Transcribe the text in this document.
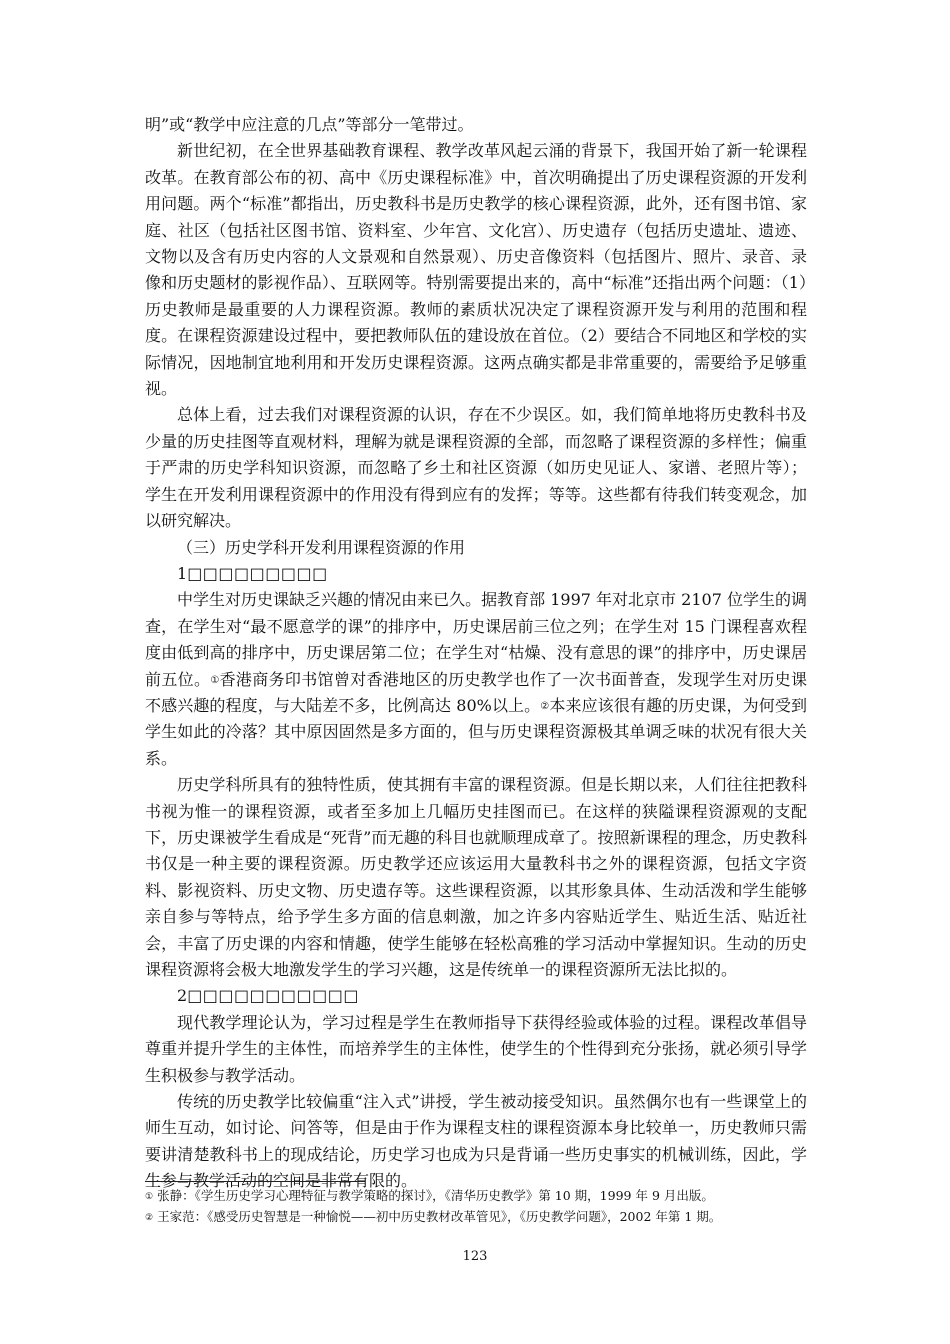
明”或“教学中应注意的几点”等部分一笔带过。

新世纪初，在全世界基础教育课程、教学改革风起云涌的背景下，我国开始了新一轮课程改革。在教育部公布的初、高中《历史课程标准》中，首次明确提出了历史课程资源的开发利用问题。两个“标准”都指出，历史教科书是历史教学的核心课程资源，此外，还有图书馆、家庭、社区（包括社区图书馆、资料室、少年宫、文化宫）、历史遗存（包括历史遗址、遗迹、文物以及含有历史内容的人文景观和自然景观）、历史音像资料（包括图片、照片、录音、录像和历史题材的影视作品）、互联网等。特别需要提出来的，高中“标准”还指出两个问题：（1）历史教师是最重要的人力课程资源。教师的素质状况决定了课程资源开发与利用的范围和程度。在课程资源建设过程中，要把教师队伍的建设放在首位。（2）要结合不同地区和学校的实际情况，因地制宜地利用和开发历史课程资源。这两点确实都是非常重要的，需要给予足够重视。

总体上看，过去我们对课程资源的认识，存在不少误区。如，我们简单地将历史教科书及少量的历史挂图等直观材料，理解为就是课程资源的全部，而忽略了课程资源的多样性；偏重于严肃的历史学科知识资源，而忽略了乡土和社区资源（如历史见证人、家谱、老照片等）；学生在开发利用课程资源中的作用没有得到应有的发挥；等等。这些都有待我们转变观念，加以研究解决。

（三）历史学科开发利用课程资源的作用

1□□□□□□□□□

中学生对历史课缺乏兴趣的情况由来已久。据教育部 1997 年对北京市 2107 位学生的调查，在学生对“最不愿意学的课”的排序中，历史课居前三位之列；在学生对 15 门课程喜欢程度由低到高的排序中，历史课居第二位；在学生对“枯燥、没有意思的课”的排序中，历史课居前五位。①香港商务印书馆曾对香港地区的历史教学也作了一次书面普查，发现学生对历史课不感兴趣的程度，与大陆差不多，比例高达 80%以上。②本来应该很有趣的历史课，为何受到学生如此的冷落？其中原因固然是多方面的，但与历史课程资源极其单调乏味的状况有很大关系。

历史学科所具有的独特性质，使其拥有丰富的课程资源。但是长期以来，人们往往把教科书视为惟一的课程资源，或者至多加上几幅历史挂图而已。在这样的狭隘课程资源观的支配下，历史课被学生看成是“死背”而无趣的科目也就顺理成章了。按照新课程的理念，历史教科书仅是一种主要的课程资源。历史教学还应该运用大量教科书之外的课程资源，包括文字资料、影视资料、历史文物、历史遗存等。这些课程资源，以其形象具体、生动活泼和学生能够亲自参与等特点，给予学生多方面的信息刺激，加之许多内容贴近学生、贴近生活、贴近社会，丰富了历史课的内容和情趣，使学生能够在轻松高雅的学习活动中掌握知识。生动的历史课程资源将会极大地激发学生的学习兴趣，这是传统单一的课程资源所无法比拟的。

2□□□□□□□□□□□

现代教学理论认为，学习过程是学生在教师指导下获得经验或体验的过程。课程改革倡导尊重并提升学生的主体性，而培养学生的主体性，使学生的个性得到充分张扬，就必须引导学生积极参与教学活动。

传统的历史教学比较偏重“注入式”讲授，学生被动接受知识。虽然偶尔也有一些课堂上的师生互动，如讨论、问答等，但是由于作为课程支柱的课程资源本身比较单一，历史教师只需要讲清楚教科书上的现成结论，历史学习也成为只是背诵一些历史事实的机械训练，因此，学生参与教学活动的空间是非常有限的。

① 张静：《学生历史学习心理特征与教学策略的探讨》，《清华历史教学》第 10 期，1999 年 9 月出版。

② 王家范：《感受历史智慧是一种愉悦——初中历史教材改革管见》，《历史教学问题》，2002 年第 1 期。

123
